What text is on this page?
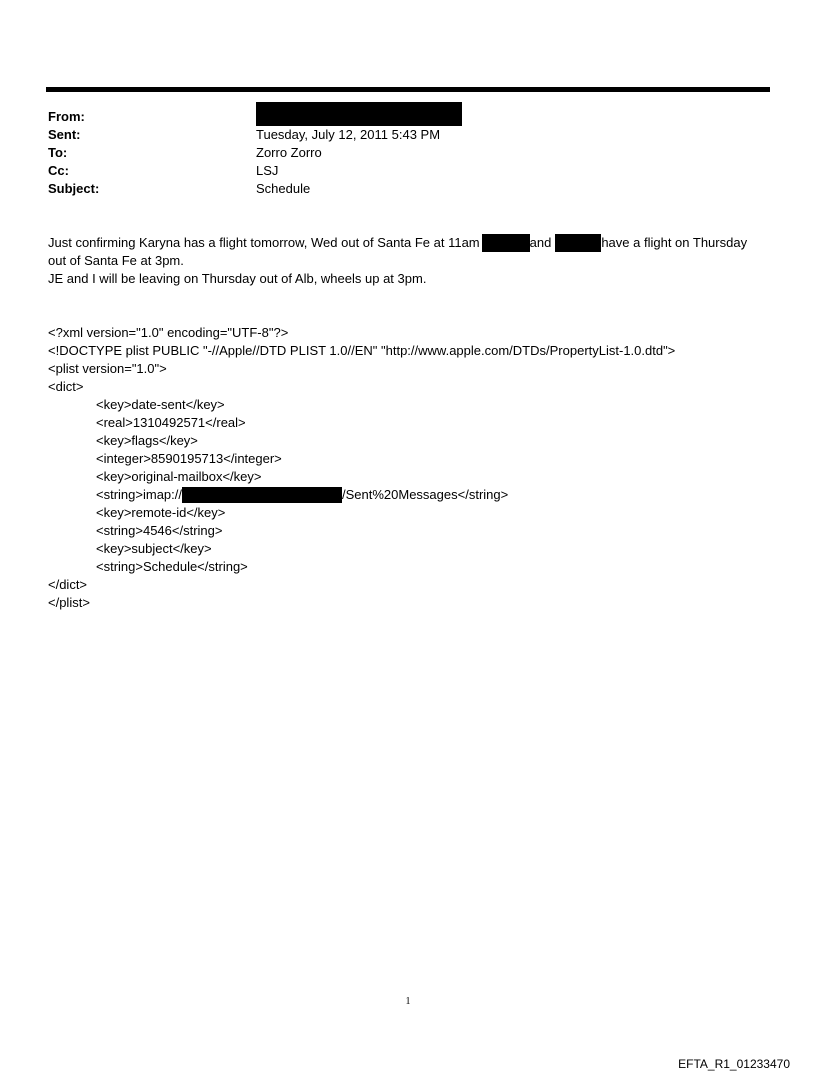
From:
Sent:	Tuesday, July 12, 2011 5:43 PM
To:	Zorro Zorro
Cc:	LSJ
Subject:	Schedule
Just confirming Karyna has a flight tomorrow, Wed out of Santa Fe at 11am	and	have a flight on Thursday
out of Santa Fe at 3pm.
JE and I will be leaving on Thursday out of Alb, wheels up at 3pm.
<?xml version="1.0" encoding="UTF-8"?>
<!DOCTYPE plist PUBLIC "-//Apple//DTD PLIST 1.0//EN" "http://www.apple.com/DTDs/PropertyList-1.0.dtd">
<plist version="1.0">
<dict>
<key>date-sent</key>
<real>1310492571</real>
<key>flags</key>
<integer>8590195713</integer>
<key>original-mailbox</key>
<string>imap://	/Sent%20Messages</string>
<key>remote-id</key>
<string>4546</string>
<key>subject</key>
<string>Schedule</string>
</dict>
</plist>
1
EFTA_R1_01233470
